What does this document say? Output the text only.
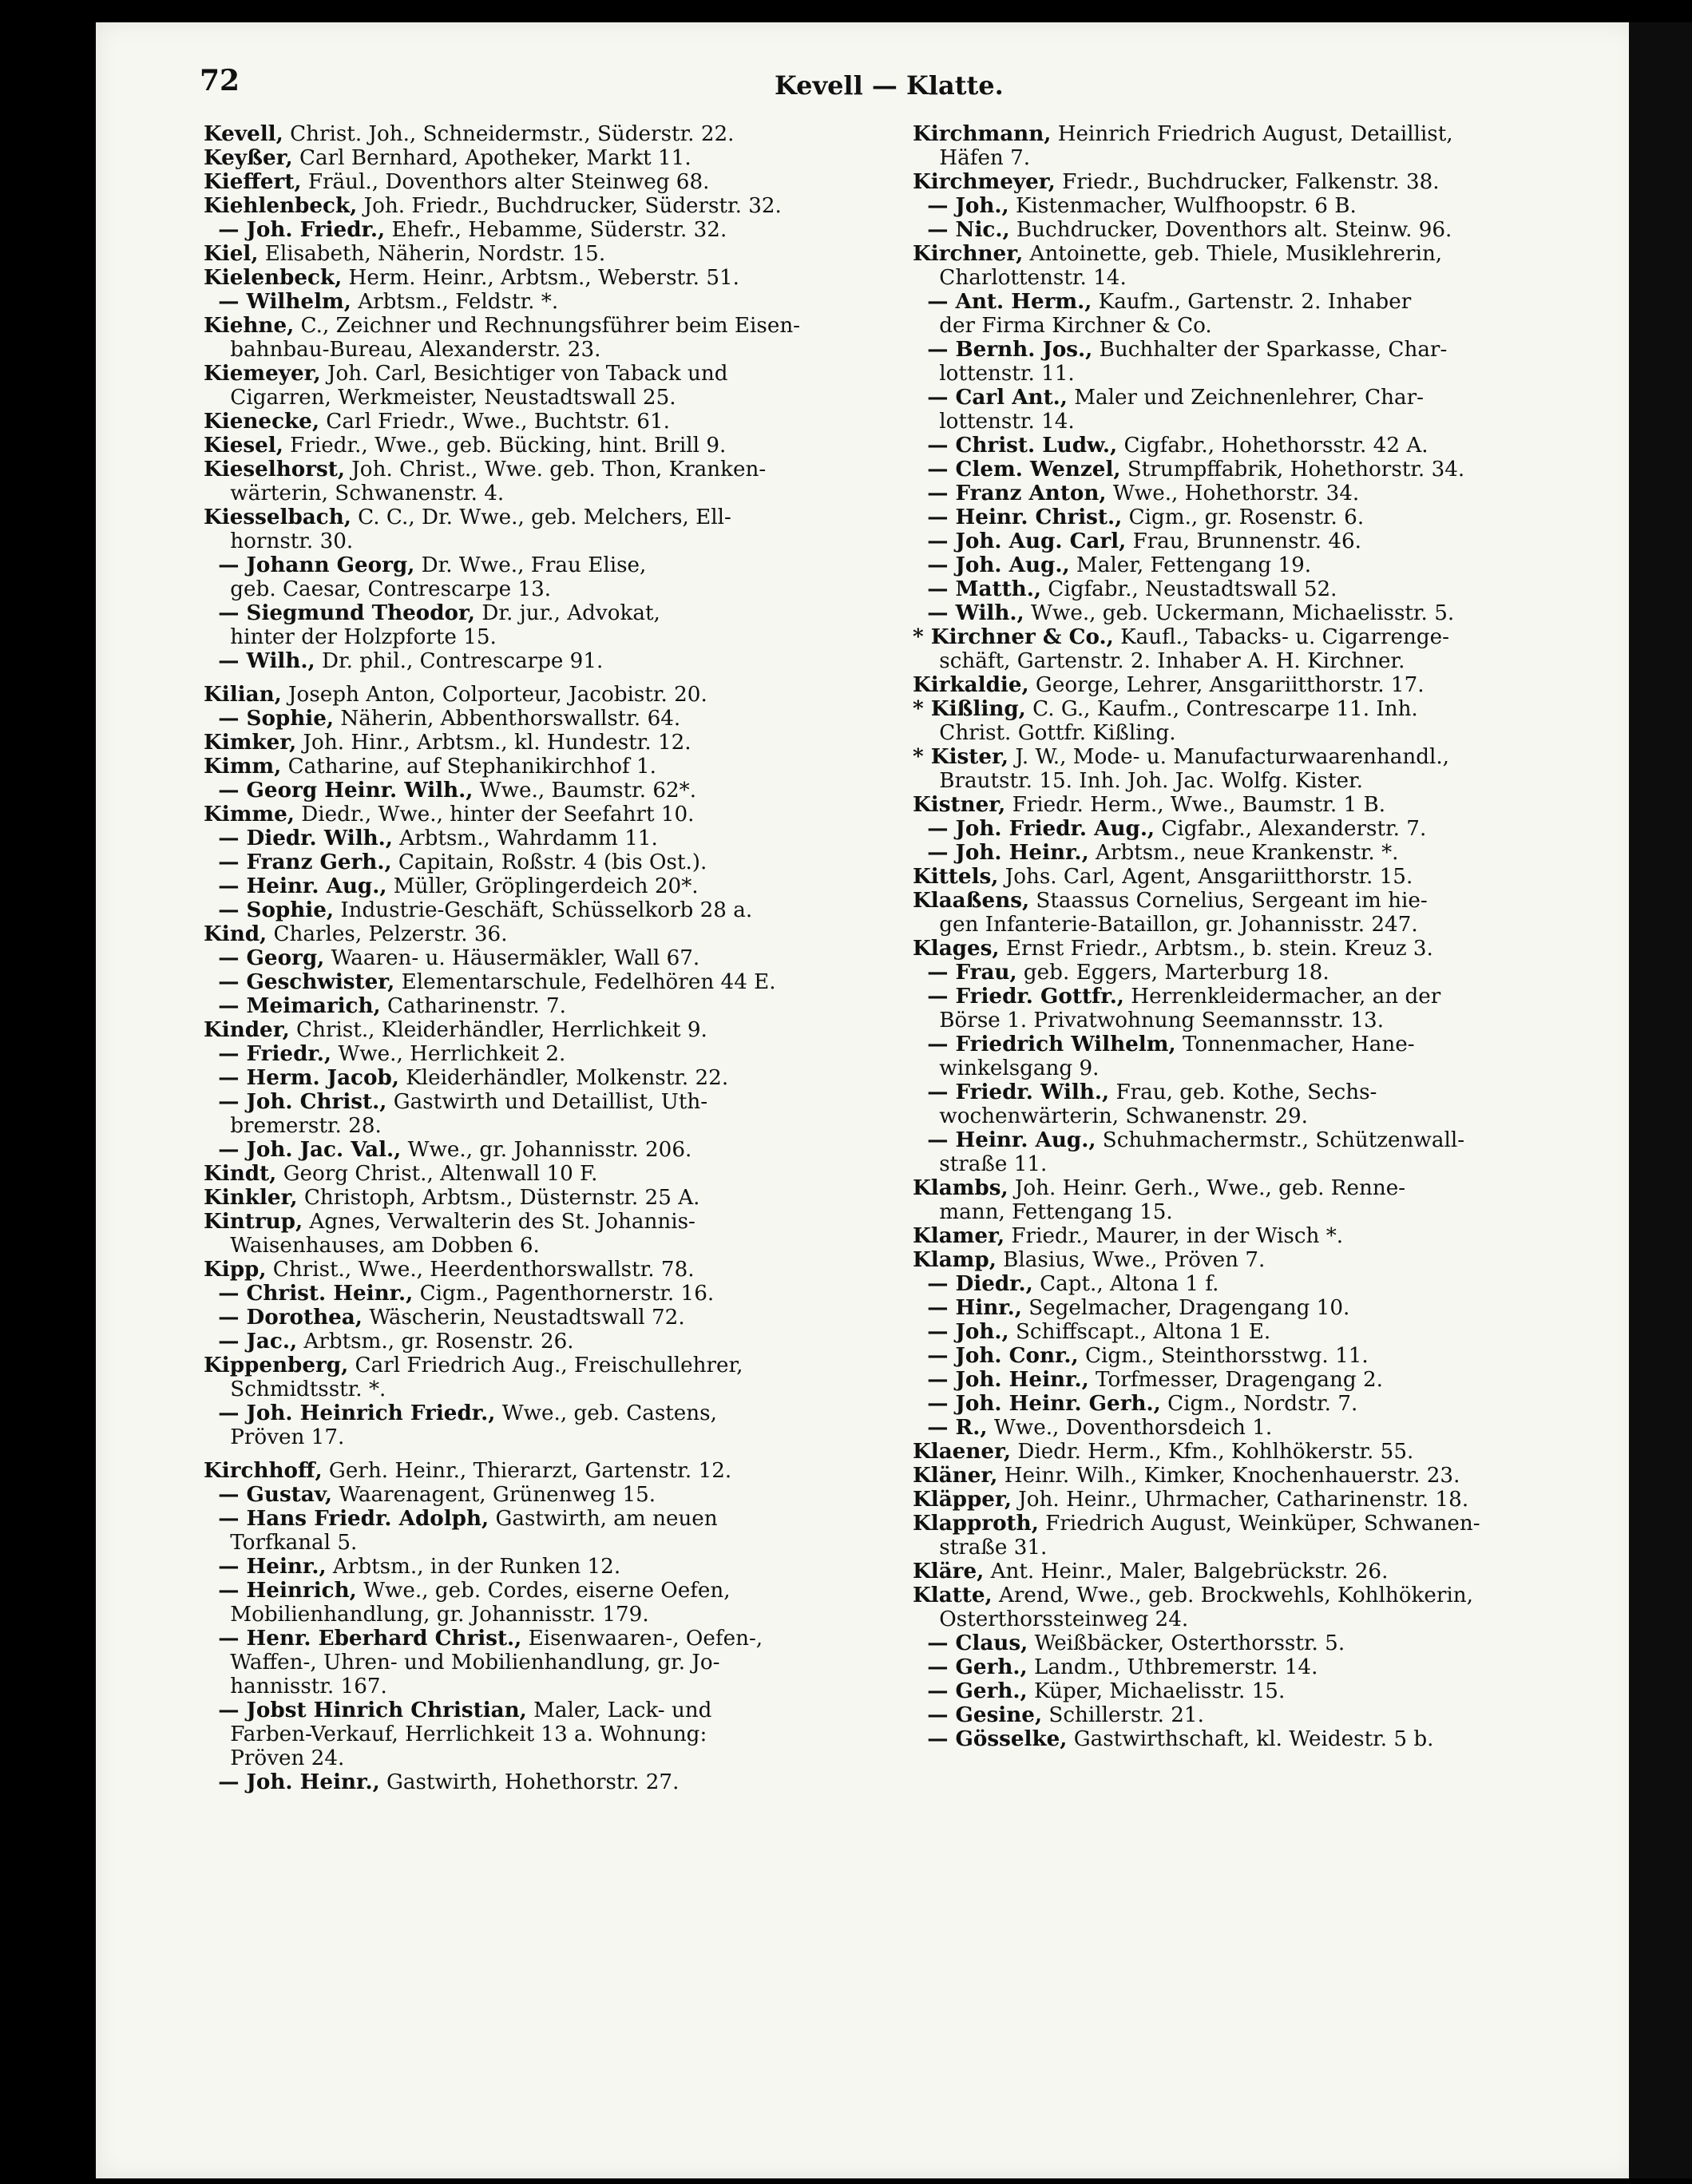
72	Kevell — Klatte.
Kevell, Christ. Joh., Schneidermstr., Süderstr. 22.
Keyßer, Carl Bernhard, Apotheker, Markt 11.
Kieffert, Fräul., Doventhors alter Steinweg 68.
Kiehlenbeck, Joh. Friedr., Buchdrucker, Süderstr. 32.
— Joh. Friedr., Ehefr., Hebamme, Süderstr. 32.
Kiel, Elisabeth, Näherin, Nordstr. 15.
Kielenbeck, Herm. Heinr., Arbtsm., Weberstr. 51.
— Wilhelm, Arbtsm., Feldstr. *.
Kiehne, C., Zeichner und Rechnungsführer beim Eisen-
bahnbau-Bureau, Alexanderstr. 23.
Kiemeyer, Joh. Carl, Besichtiger von Taback und
Cigarren, Werkmeister, Neustadtswall 25.
Kienecke, Carl Friedr., Wwe., Buchtstr. 61.
Kiesel, Friedr., Wwe., geb. Bücking, hint. Brill 9.
Kieselhorst, Joh. Christ., Wwe. geb. Thon, Kranken-
wärterin, Schwanenstr. 4.
Kiesselbach, C. C., Dr. Wwe., geb. Melchers, Ell-
hornstr. 30.
— Johann Georg, Dr. Wwe., Frau Elise,
geb. Caesar, Contrescarpe 13.
— Siegmund Theodor, Dr. jur., Advokat,
hinter der Holzpforte 15.
— Wilh., Dr. phil., Contrescarpe 91.
Kilian, Joseph Anton, Colporteur, Jacobistr. 20.
— Sophie, Näherin, Abbenthorswallstr. 64.
Kimker, Joh. Hinr., Arbtsm., kl. Hundestr. 12.
Kimm, Catharine, auf Stephanikirchhof 1.
— Georg Heinr. Wilh., Wwe., Baumstr. 62*.
Kimme, Diedr., Wwe., hinter der Seefahrt 10.
— Diedr. Wilh., Arbtsm., Wahrdamm 11.
— Franz Gerh., Capitain, Roßstr. 4 (bis Ost.).
— Heinr. Aug., Müller, Gröplingerdeich 20*.
— Sophie, Industrie-Geschäft, Schüsselkorb 28 a.
Kind, Charles, Pelzerstr. 36.
— Georg, Waaren- u. Häusermäkler, Wall 67.
— Geschwister, Elementarschule, Fedelhören 44 E.
— Meimarich, Catharinenstr. 7.
Kinder, Christ., Kleiderhändler, Herrlichkeit 9.
— Friedr., Wwe., Herrlichkeit 2.
— Herm. Jacob, Kleiderhändler, Molkenstr. 22.
— Joh. Christ., Gastwirth und Detaillist, Uth-
bremerstr. 28.
— Joh. Jac. Val., Wwe., gr. Johannisstr. 206.
Kindt, Georg Christ., Altenwall 10 F.
Kinkler, Christoph, Arbtsm., Düsternstr. 25 A.
Kintrup, Agnes, Verwalterin des St. Johannis-
Waisenhauses, am Dobben 6.
Kipp, Christ., Wwe., Heerdenthorswallstr. 78.
— Christ. Heinr., Cigm., Pagenthornerstr. 16.
— Dorothea, Wäscherin, Neustadtswall 72.
— Jac., Arbtsm., gr. Rosenstr. 26.
Kippenberg, Carl Friedrich Aug., Freischullehrer,
Schmidtsstr. *.
— Joh. Heinrich Friedr., Wwe., geb. Castens,
Pröven 17.
Kirchhoff, Gerh. Heinr., Thierarzt, Gartenstr. 12.
— Gustav, Waarenagent, Grünenweg 15.
— Hans Friedr. Adolph, Gastwirth, am neuen
Torfkanal 5.
— Heinr., Arbtsm., in der Runken 12.
— Heinrich, Wwe., geb. Cordes, eiserne Oefen,
Mobilienhandlung, gr. Johannisstr. 179.
— Henr. Eberhard Christ., Eisenwaaren-, Oefen-,
Waffen-, Uhren- und Mobilienhandlung, gr. Jo-
hannisstr. 167.
— Jobst Hinrich Christian, Maler, Lack- und
Farben-Verkauf, Herrlichkeit 13 a. Wohnung:
Pröven 24.
— Joh. Heinr., Gastwirth, Hohethorstr. 27.
Kirchmann, Heinrich Friedrich August, Detaillist,
Häfen 7.
Kirchmeyer, Friedr., Buchdrucker, Falkenstr. 38.
— Joh., Kistenmacher, Wulfhoopstr. 6 B.
— Nic., Buchdrucker, Doventhors alt. Steinw. 96.
Kirchner, Antoinette, geb. Thiele, Musiklehrerin,
Charlottenstr. 14.
— Ant. Herm., Kaufm., Gartenstr. 2. Inhaber
der Firma Kirchner & Co.
— Bernh. Jos., Buchhalter der Sparkasse, Char-
lottenstr. 11.
— Carl Ant., Maler und Zeichnenlehrer, Char-
lottenstr. 14.
— Christ. Ludw., Cigfabr., Hohethorsstr. 42 A.
— Clem. Wenzel, Strumpffabrik, Hohethorstr. 34.
— Franz Anton, Wwe., Hohethorstr. 34.
— Heinr. Christ., Cigm., gr. Rosenstr. 6.
— Joh. Aug. Carl, Frau, Brunnenstr. 46.
— Joh. Aug., Maler, Fettengang 19.
— Matth., Cigfabr., Neustadtswall 52.
— Wilh., Wwe., geb. Uckermann, Michaelisstr. 5.
* Kirchner & Co., Kaufl., Tabacks- u. Cigarrenge-
schäft, Gartenstr. 2. Inhaber A. H. Kirchner.
Kirkaldie, George, Lehrer, Ansgariitthorstr. 17.
* Kißling, C. G., Kaufm., Contrescarpe 11. Inh.
Christ. Gottfr. Kißling.
* Kister, J. W., Mode- u. Manufacturwaarenhandl.,
Brautstr. 15. Inh. Joh. Jac. Wolfg. Kister.
Kistner, Friedr. Herm., Wwe., Baumstr. 1 B.
— Joh. Friedr. Aug., Cigfabr., Alexanderstr. 7.
— Joh. Heinr., Arbtsm., neue Krankenstr. *.
Kittels, Johs. Carl, Agent, Ansgariitthorstr. 15.
Klaaßens, Staassus Cornelius, Sergeant im hie-
gen Infanterie-Bataillon, gr. Johannisstr. 247.
Klages, Ernst Friedr., Arbtsm., b. stein. Kreuz 3.
— Frau, geb. Eggers, Marterburg 18.
— Friedr. Gottfr., Herrenkleidermacher, an der
Börse 1. Privatwohnung Seemannsstr. 13.
— Friedrich Wilhelm, Tonnenmacher, Hane-
winkelsgang 9.
— Friedr. Wilh., Frau, geb. Kothe, Sechs-
wochenwärterin, Schwanenstr. 29.
— Heinr. Aug., Schuhmachermstr., Schützenwall-
straße 11.
Klambs, Joh. Heinr. Gerh., Wwe., geb. Renne-
mann, Fettengang 15.
Klamer, Friedr., Maurer, in der Wisch *.
Klamp, Blasius, Wwe., Pröven 7.
— Diedr., Capt., Altona 1 f.
— Hinr., Segelmacher, Dragengang 10.
— Joh., Schiffscapt., Altona 1 E.
— Joh. Conr., Cigm., Steinthorsstwg. 11.
— Joh. Heinr., Torfmesser, Dragengang 2.
— Joh. Heinr. Gerh., Cigm., Nordstr. 7.
— R., Wwe., Doventhorsdeich 1.
Klaener, Diedr. Herm., Kfm., Kohlhökerstr. 55.
Kläner, Heinr. Wilh., Kimker, Knochenhauerstr. 23.
Kläpper, Joh. Heinr., Uhrmacher, Catharinenstr. 18.
Klapproth, Friedrich August, Weinküper, Schwanen-
straße 31.
Kläre, Ant. Heinr., Maler, Balgebrückstr. 26.
Klatte, Arend, Wwe., geb. Brockwehls, Kohlhökerin,
Osterthorssteinweg 24.
— Claus, Weißbäcker, Osterthorsstr. 5.
— Gerh., Landm., Uthbremerstr. 14.
— Gerh., Küper, Michaelisstr. 15.
— Gesine, Schillerstr. 21.
— Gösselke, Gastwirthschaft, kl. Weidestr. 5 b.
